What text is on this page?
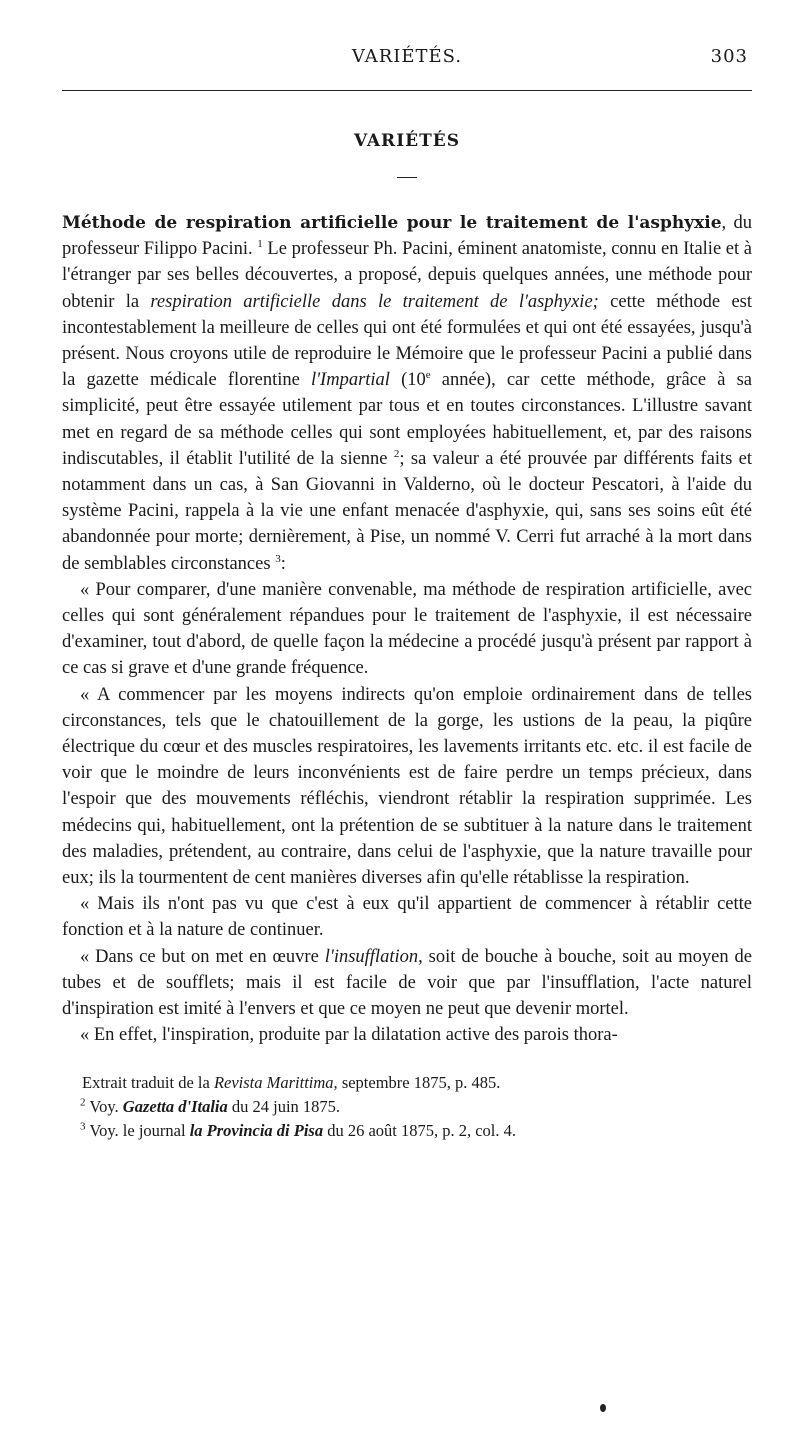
VARIÉTÉS.	303
VARIÉTÉS

Méthode de respiration artificielle pour le traitement de l'asphyxie, du professeur Filippo Pacini. $^1$ Le professeur Ph. Pacini, éminent anatomiste, connu en Italie et à l'étranger par ses belles découvertes, a proposé, depuis quelques années, une méthode pour obtenir la respiration artificielle dans le traitement de l'asphyxie; cette méthode est incontestablement la meilleure de celles qui ont été formulées et qui ont été essayées, jusqu'à présent. Nous croyons utile de reproduire le Mémoire que le professeur Pacini a publié dans la gazette médicale florentine l'Impartial (10e année), car cette méthode, grâce à sa simplicité, peut être essayée utilement par tous et en toutes circonstances. L'illustre savant met en regard de sa méthode celles qui sont employées habituellement, et, par des raisons indiscutables, il établit l'utilité de la sienne $^2$; sa valeur a été prouvée par différents faits et notamment dans un cas, à San Giovanni in Valderno, où le docteur Pescatori, à l'aide du système Pacini, rappela à la vie une enfant menacée d'asphyxie, qui, sans ses soins eût été abandonnée pour morte; dernièrement, à Pise, un nommé V. Cerri fut arraché à la mort dans de semblables circonstances $^3$:

« Pour comparer, d'une manière convenable, ma méthode de respiration artificielle, avec celles qui sont généralement répandues pour le traitement de l'asphyxie, il est nécessaire d'examiner, tout d'abord, de quelle façon la médecine a procédé jusqu'à présent par rapport à ce cas si grave et d'une grande fréquence.

« A commencer par les moyens indirects qu'on emploie ordinairement dans de telles circonstances, tels que le chatouillement de la gorge, les ustions de la peau, la piqûre électrique du cœur et des muscles respiratoires, les lavements irritants etc. etc. il est facile de voir que le moindre de leurs inconvénients est de faire perdre un temps précieux, dans l'espoir que des mouvements réfléchis, viendront rétablir la respiration supprimée. Les médecins qui, habituellement, ont la prétention de se subtituer à la nature dans le traitement des maladies, prétendent, au contraire, dans celui de l'asphyxie, que la nature travaille pour eux; ils la tourmentent de cent manières diverses afin qu'elle rétablisse la respiration.

« Mais ils n'ont pas vu que c'est à eux qu'il appartient de commencer à rétablir cette fonction et à la nature de continuer.

« Dans ce but on met en œuvre l'insufflation, soit de bouche à bouche, soit au moyen de tubes et de soufflets; mais il est facile de voir que par l'insufflation, l'acte naturel d'inspiration est imité à l'envers et que ce moyen ne peut que devenir mortel.

« En effet, l'inspiration, produite par la dilatation active des parois thora-

Extrait traduit de la Revista Marittima, septembre 1875, p. 485.
$^2$ Voy. Gazetta d'Italia du 24 juin 1875.
$^3$ Voy. le journal la Provincia di Pisa du 26 août 1875, p. 2, col. 4.
